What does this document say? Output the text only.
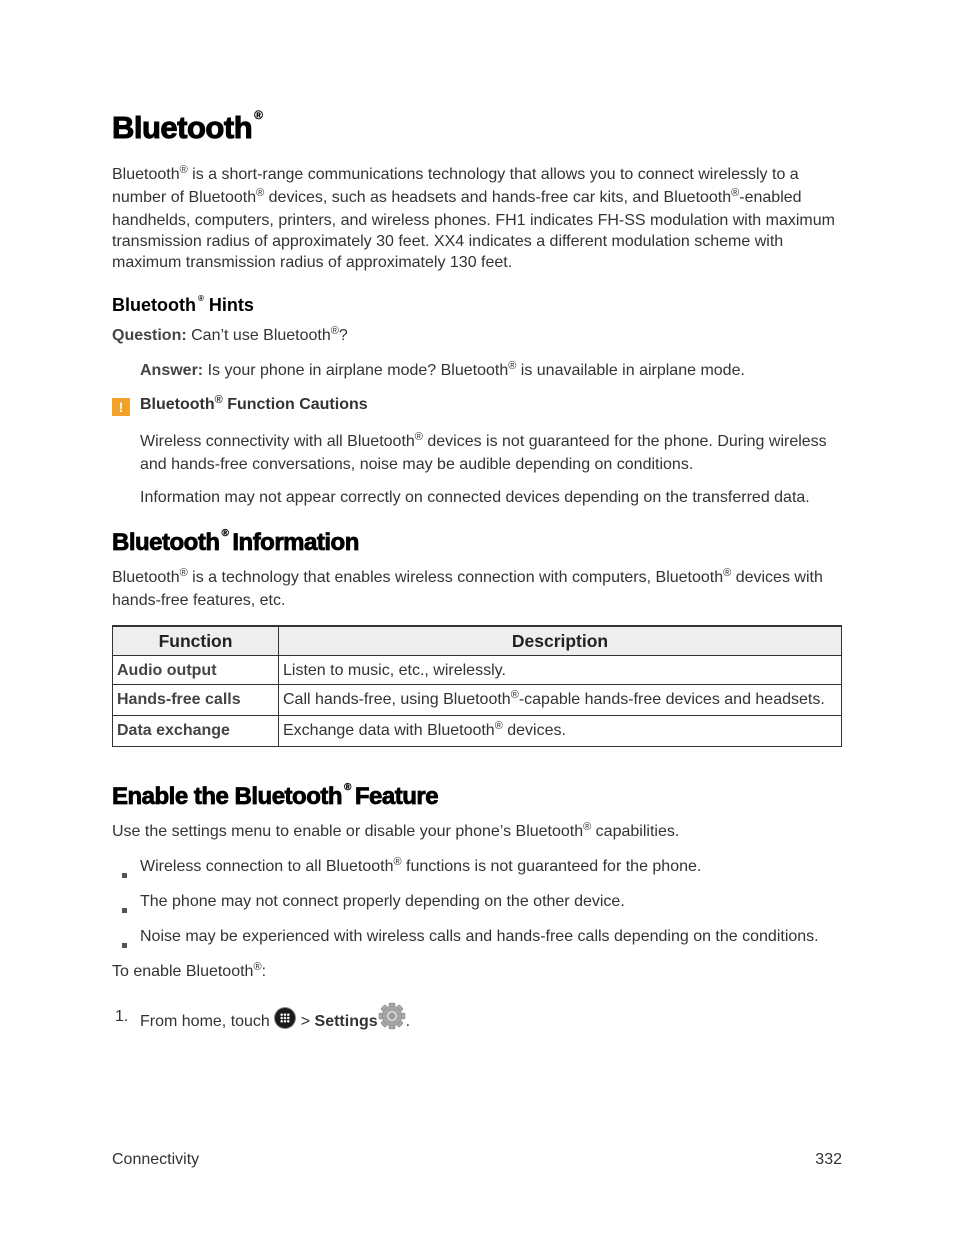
Bluetooth ®
Bluetooth® is a short-range communications technology that allows you to connect wirelessly to a number of Bluetooth® devices, such as headsets and hands-free car kits, and Bluetooth®-enabled handhelds, computers, printers, and wireless phones. FH1 indicates FH-SS modulation with maximum transmission radius of approximately 30 feet. XX4 indicates a different modulation scheme with maximum transmission radius of approximately 130 feet.
Bluetooth ® Hints
Question: Can’t use Bluetooth®?
Answer: Is your phone in airplane mode? Bluetooth® is unavailable in airplane mode.
!	Bluetooth® Function Cautions
Wireless connectivity with all Bluetooth® devices is not guaranteed for the phone. During wireless and hands-free conversations, noise may be audible depending on conditions.
Information may not appear correctly on connected devices depending on the transferred data.
Bluetooth ® Information
Bluetooth® is a technology that enables wireless connection with computers, Bluetooth® devices with hands-free features, etc.
Function	Description
Audio output	Listen to music, etc., wirelessly.
Hands-free calls	Call hands-free, using Bluetooth®-capable hands-free devices and headsets.
Data exchange	Exchange data with Bluetooth® devices.
Enable the Bluetooth ® Feature
Use the settings menu to enable or disable your phone’s Bluetooth® capabilities.
Wireless connection to all Bluetooth® functions is not guaranteed for the phone.
The phone may not connect properly depending on the other device.
Noise may be experienced with wireless calls and hands-free calls depending on the conditions.
To enable Bluetooth®:
1. From home, touch
> Settings .
Connectivity	332
